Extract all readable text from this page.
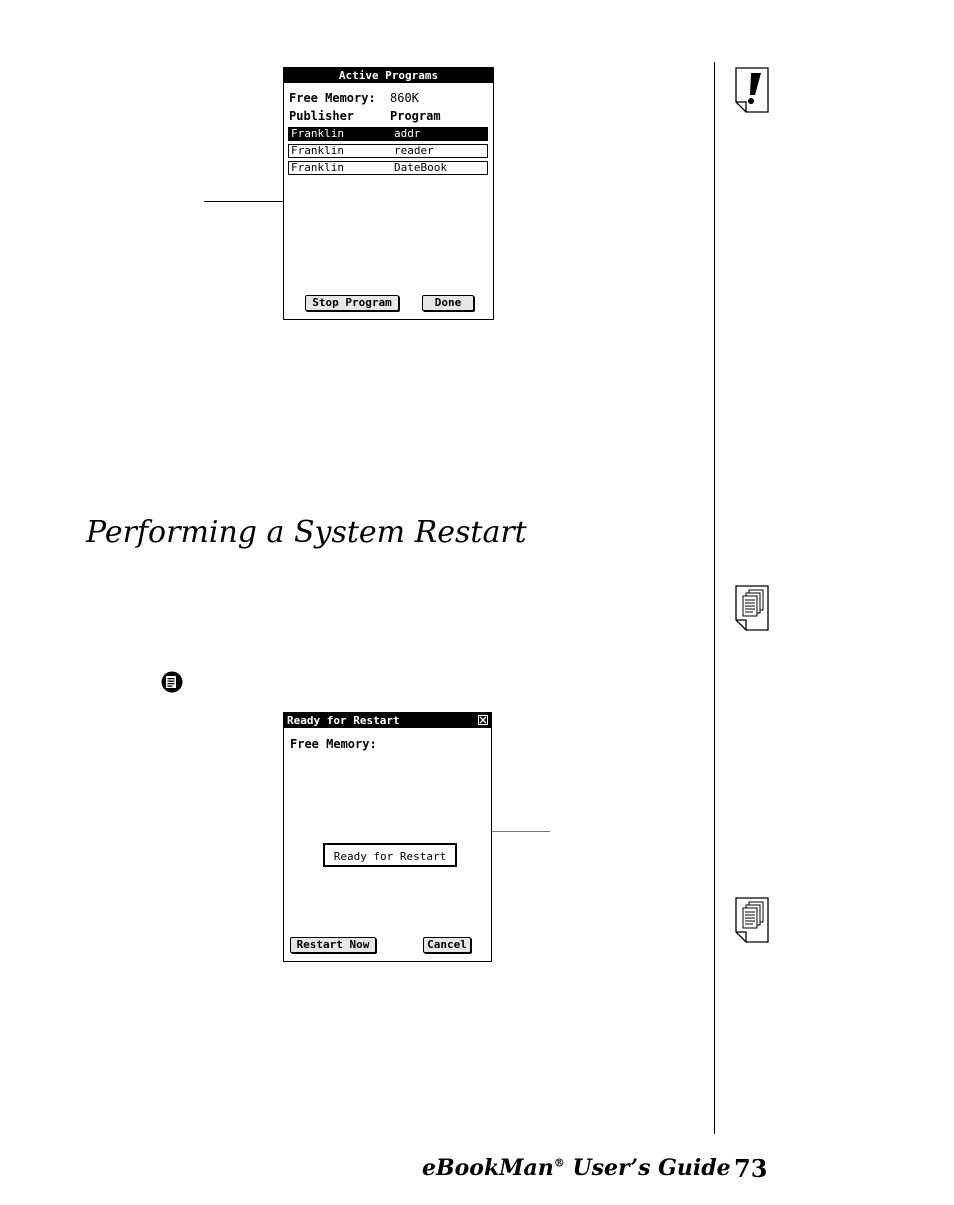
Active Programs
Free Memory: 860K
Publisher	Program
Franklin	addr
Franklin	reader
Franklin	DateBook
Stop Program	Done
Performing a System Restart
Ready for Restart
Free Memory:
Ready for Restart
Restart Now	Cancel
eBookMan® User’s Guide 73
